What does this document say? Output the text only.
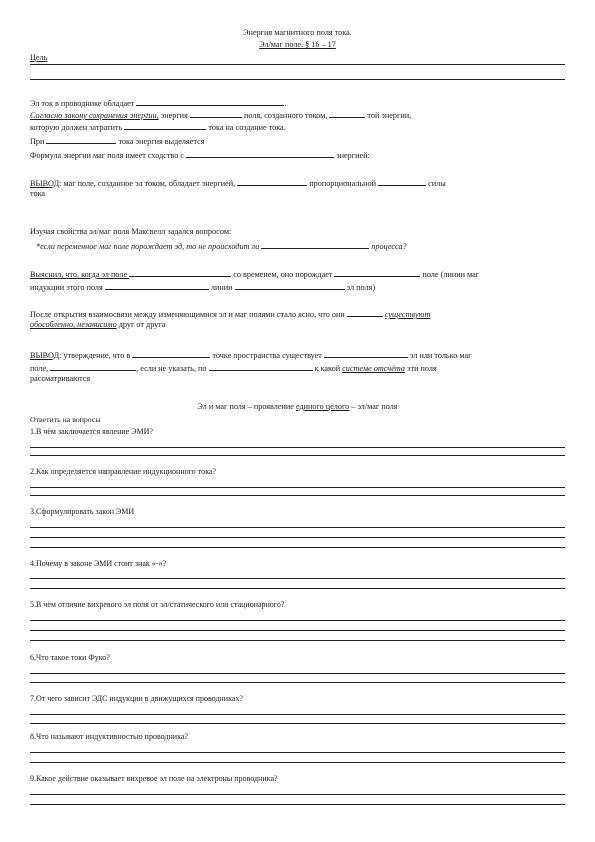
Энергия магнитного поля тока.
Эл/маг поле. § 16 – 17
Цель
Эл ток в проводнике обладает	.
Согласно закону сохранения энергии, энергия	поля, созданного током,	той энергии,
которую должен затратить	тока на создание тока.
При	тока энергия выделяется
Формула энергии маг поля имеет сходство с	энергией:
ВЫВОД: маг поле, созданное эл током, обладает энергией,	пропорциональной	силы
тока
Изучая свойства эл/маг поля Максвелл задался вопросом:
*если переменное маг поле порождает эд, то не происходит ли	процесса?
Выяснил, что, когда эл поле	со временем, оно порождает	поле (линии маг
индукции этого поля	линии	эл поля)
После открытия взаимосвязи между изменяющимися эл и маг полями стало ясно, что они	существуют
обособленно, независимо друг от друга
ВЫВОД: утверждение, что в	точке пространства существует	эл или только маг
поле,	, если не указать, по	к какой системе отсчёта эти поля
рассматриваются
Эл и маг поля – проявление единого целого – эл/маг поля
Ответить на вопросы
1.В чём заключается явление ЭМИ?
2.Как определяется направление индукционного тока?
3.Сформулировать закон ЭМИ
4.Почему в законе ЭМИ стоит знак «-»?
5.В чём отличие вихревого эл поля от эл/статического или стационарного?
6.Что такое токи Фуко?
7.От чего зависит ЭДС индукции в движущихся проводниках?
8.Что называют индуктивностью проводника?
9.Какое действие оказывает вихревое эл поле на электроны проводника?
